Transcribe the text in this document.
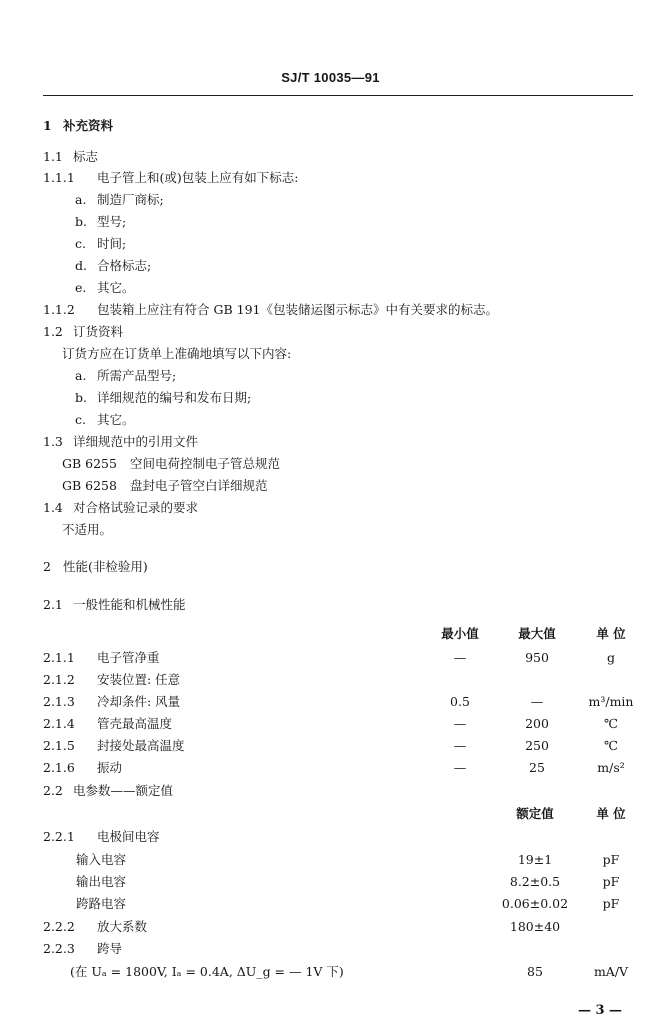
SJ/T 10035—91
1 补充资料
1.1 标志
1.1.1 电子管上和(或)包装上应有如下标志:
a. 制造厂商标;
b. 型号;
c. 时间;
d. 合格标志;
e. 其它。
1.1.2 包装箱上应注有符合 GB 191《包装储运图示标志》中有关要求的标志。
1.2 订货资料
订货方应在订货单上准确地填写以下内容:
a. 所需产品型号;
b. 详细规范的编号和发布日期;
c. 其它。
1.3 详细规范中的引用文件
GB 6255 空间电荷控制电子管总规范
GB 6258 盘封电子管空白详细规范
1.4 对合格试验记录的要求
不适用。
2 性能(非检验用)
2.1 一般性能和机械性能
最小值	最大值	单 位
2.1.1 电子管净重	—	950	g
2.1.2 安装位置: 任意
2.1.3 冷却条件: 风量	0.5	—	m³/min
2.1.4 管壳最高温度	—	200	℃
2.1.5 封接处最高温度	—	250	℃
2.1.6 振动	—	25	m/s²
2.2 电参数——额定值
额定值	单 位
2.2.1 电极间电容
输入电容	19±1	pF
输出电容	8.2±0.5	pF
跨路电容	0.06±0.02	pF
2.2.2 放大系数	180±40
2.2.3 跨导
(在 Uₐ = 1800V, Iₐ = 0.4A, ΔU_g = — 1V 下)	85	mA/V
— 3 —
